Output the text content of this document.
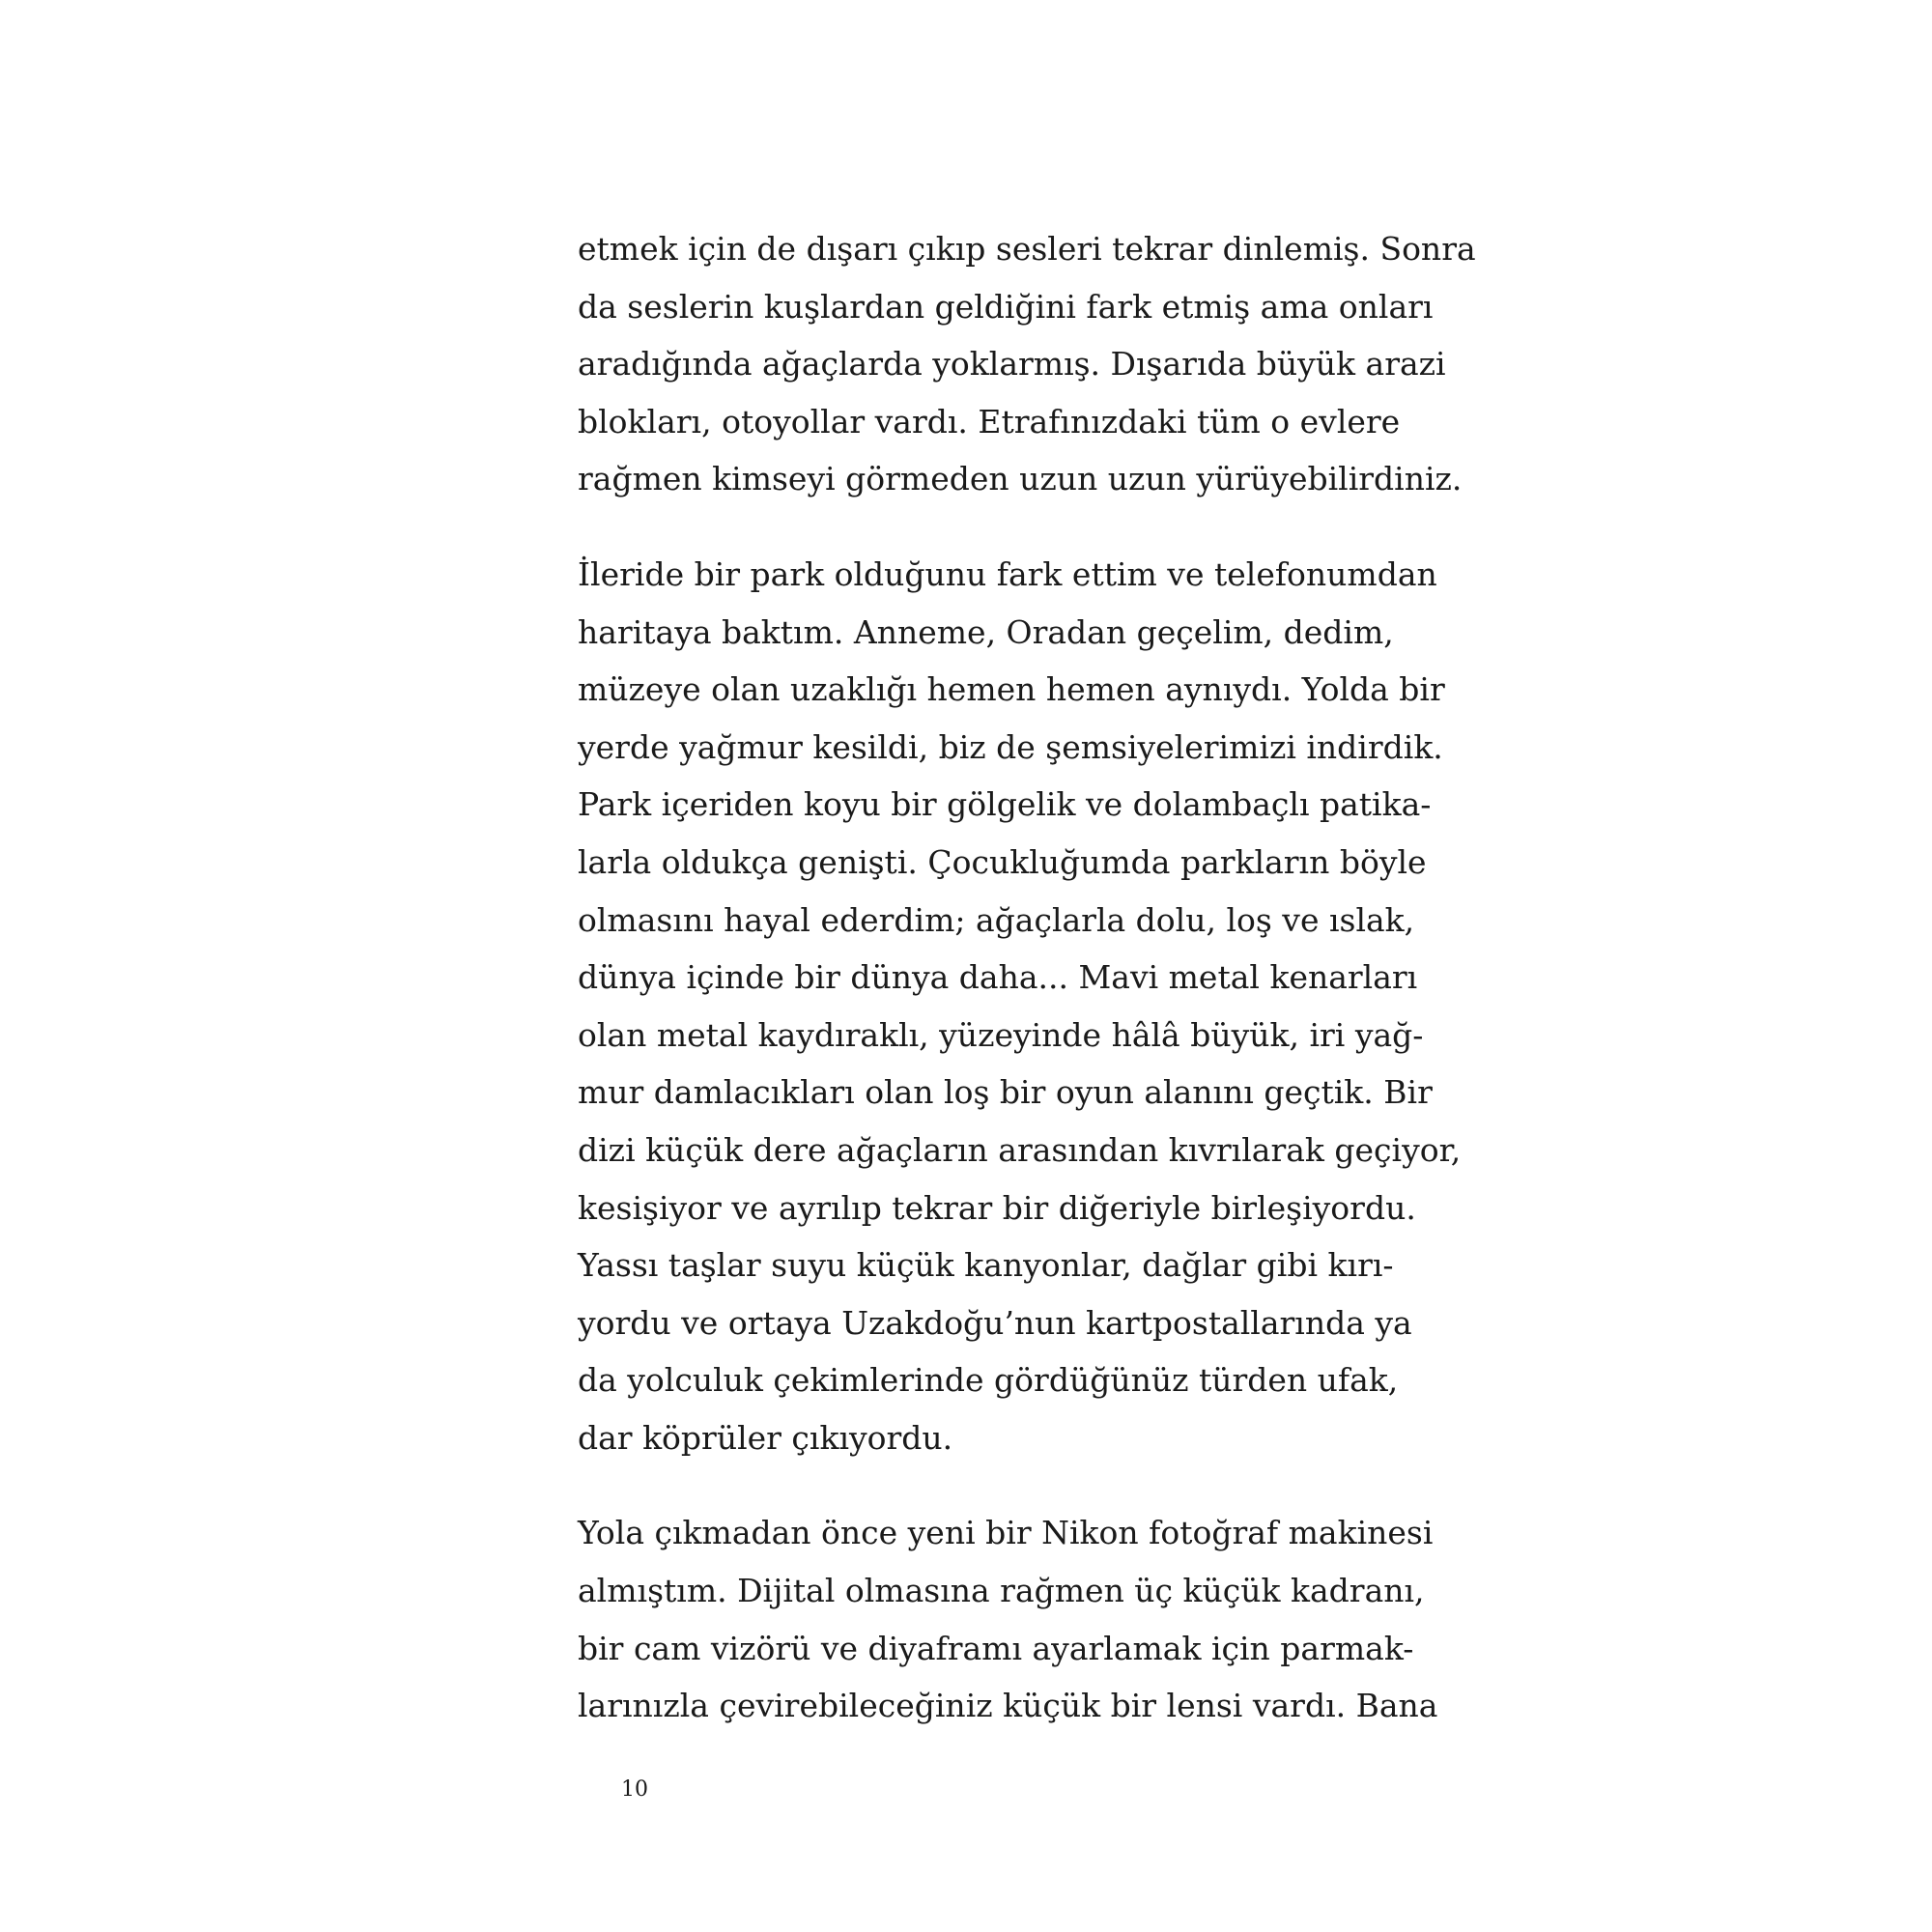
etmek için de dışarı çıkıp sesleri tekrar dinlemiş. Sonra
da seslerin kuşlardan geldiğini fark etmiş ama onları
aradığında ağaçlarda yoklarmış. Dışarıda büyük arazi
blokları, otoyollar vardı. Etrafınızdaki tüm o evlere
rağmen kimseyi görmeden uzun uzun yürüyebilirdiniz.

İleride bir park olduğunu fark ettim ve telefonumdan
haritaya baktım. Anneme, Oradan geçelim, dedim,
müzeye olan uzaklığı hemen hemen aynıydı. Yolda bir
yerde yağmur kesildi, biz de şemsiyelerimizi indirdik.
Park içeriden koyu bir gölgelik ve dolambaçlı patika-
larla oldukça genişti. Çocukluğumda parkların böyle
olmasını hayal ederdim; ağaçlarla dolu, loş ve ıslak,
dünya içinde bir dünya daha... Mavi metal kenarları
olan metal kaydıraklı, yüzeyinde hâlâ büyük, iri yağ-
mur damlacıkları olan loş bir oyun alanını geçtik. Bir
dizi küçük dere ağaçların arasından kıvrılarak geçiyor,
kesişiyor ve ayrılıp tekrar bir diğeriyle birleşiyordu.
Yassı taşlar suyu küçük kanyonlar, dağlar gibi kırı-
yordu ve ortaya Uzakdoğu’nun kartpostallarında ya
da yolculuk çekimlerinde gördüğünüz türden ufak,
dar köprüler çıkıyordu.

Yola çıkmadan önce yeni bir Nikon fotoğraf makinesi
almıştım. Dijital olmasına rağmen üç küçük kadranı,
bir cam vizörü ve diyaframı ayarlamak için parmak-
larınızla çevirebileceğiniz küçük bir lensi vardı. Bana

10
